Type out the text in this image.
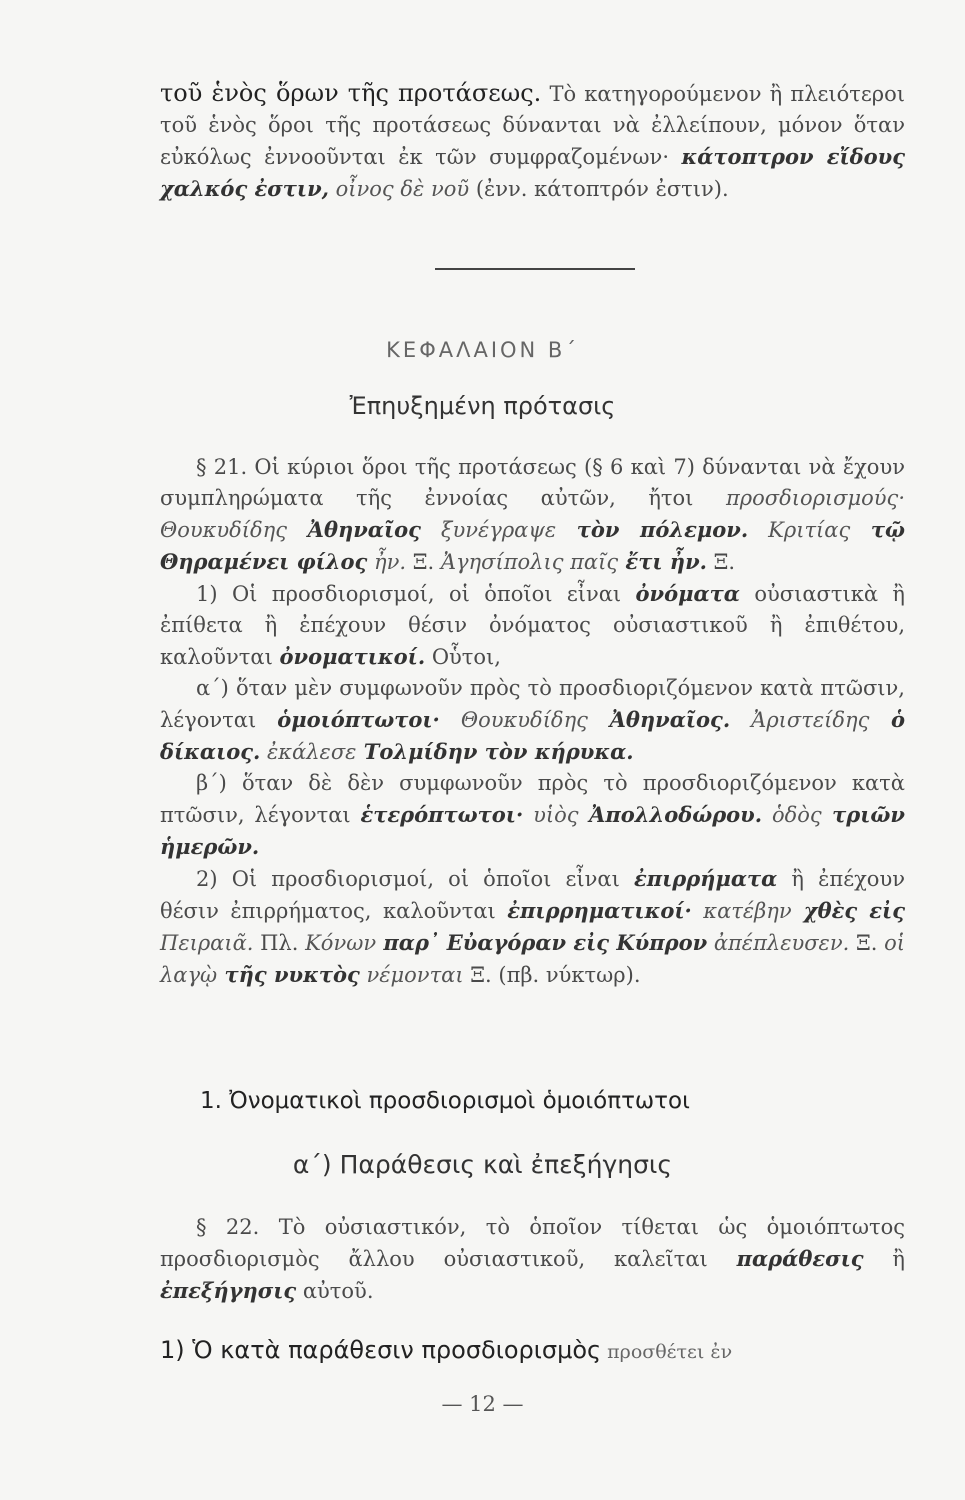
τοῦ ἑνὸς ὅρων τῆς προτάσεως. Τὸ κατηγορούμενον ἢ πλειότεροι τοῦ ἑνὸς ὅροι τῆς προτάσεως δύνανται νὰ ἐλλείπουν, μόνον ὅταν εὐκόλως ἐννοοῦνται ἐκ τῶν συμφραζομένων· κάτοπτρον εἴδους χαλκός ἐστιν, οἶνος δὲ νοῦ (ἐνν. κάτοπτρόν ἐστιν).

ΚΕΦΑΛΑΙΟΝ Β΄
Ἐπηυξημένη πρότασις

§ 21. Οἱ κύριοι ὅροι τῆς προτάσεως (§ 6 καὶ 7) δύνανται νὰ ἔχουν συμπληρώματα τῆς ἐννοίας αὐτῶν, ἤτοι προσδιορισμούς· Θουκυδίδης Ἀθηναῖος ξυνέγραψε τὸν πόλεμον. Κριτίας τῷ Θηραμένει φίλος ἦν. Ξ. Ἀγησίπολις παῖς ἔτι ἦν. Ξ.

1) Οἱ προσδιορισμοί, οἱ ὁποῖοι εἶναι ὀνόματα οὐσιαστικὰ ἢ ἐπίθετα ἢ ἐπέχουν θέσιν ὀνόματος οὐσιαστικοῦ ἢ ἐπιθέτου, καλοῦνται ὀνοματικοί. Οὗτοι,

α΄) ὅταν μὲν συμφωνοῦν πρὸς τὸ προσδιοριζόμενον κατὰ πτῶσιν, λέγονται ὁμοιόπτωτοι· Θουκυδίδης Ἀθηναῖος. Ἀριστείδης ὁ δίκαιος. ἐκάλεσε Τολμίδην τὸν κήρυκα.

β΄) ὅταν δὲ δὲν συμφωνοῦν πρὸς τὸ προσδιοριζόμενον κατὰ πτῶσιν, λέγονται ἑτερόπτωτοι· υἱὸς Ἀπολλοδώρου. ὁδὸς τριῶν ἡμερῶν.

2) Οἱ προσδιορισμοί, οἱ ὁποῖοι εἶναι ἐπιρρήματα ἢ ἐπέχουν θέσιν ἐπιρρήματος, καλοῦνται ἐπιρρηματικοί· κατέβην χθὲς εἰς Πειραιᾶ. Πλ. Κόνων παρ᾽ Εὐαγόραν εἰς Κύπρον ἀπέπλευσεν. Ξ. οἱ λαγῲ τῆς νυκτὸς νέμονται Ξ. (πβ. νύκτωρ).

1. Ὀνοματικοὶ προσδιορισμοὶ ὁμοιόπτωτοι
α΄) Παράθεσις καὶ ἐπεξήγησις

§ 22. Τὸ οὐσιαστικόν, τὸ ὁποῖον τίθεται ὡς ὁμοιόπτωτος προσδιορισμὸς ἄλλου οὐσιαστικοῦ, καλεῖται παράθεσις ἢ ἐπεξήγησις αὐτοῦ.

1) Ὁ κατὰ παράθεσιν προσδιορισμὸς προσθέτει ἐν
— 12 —
